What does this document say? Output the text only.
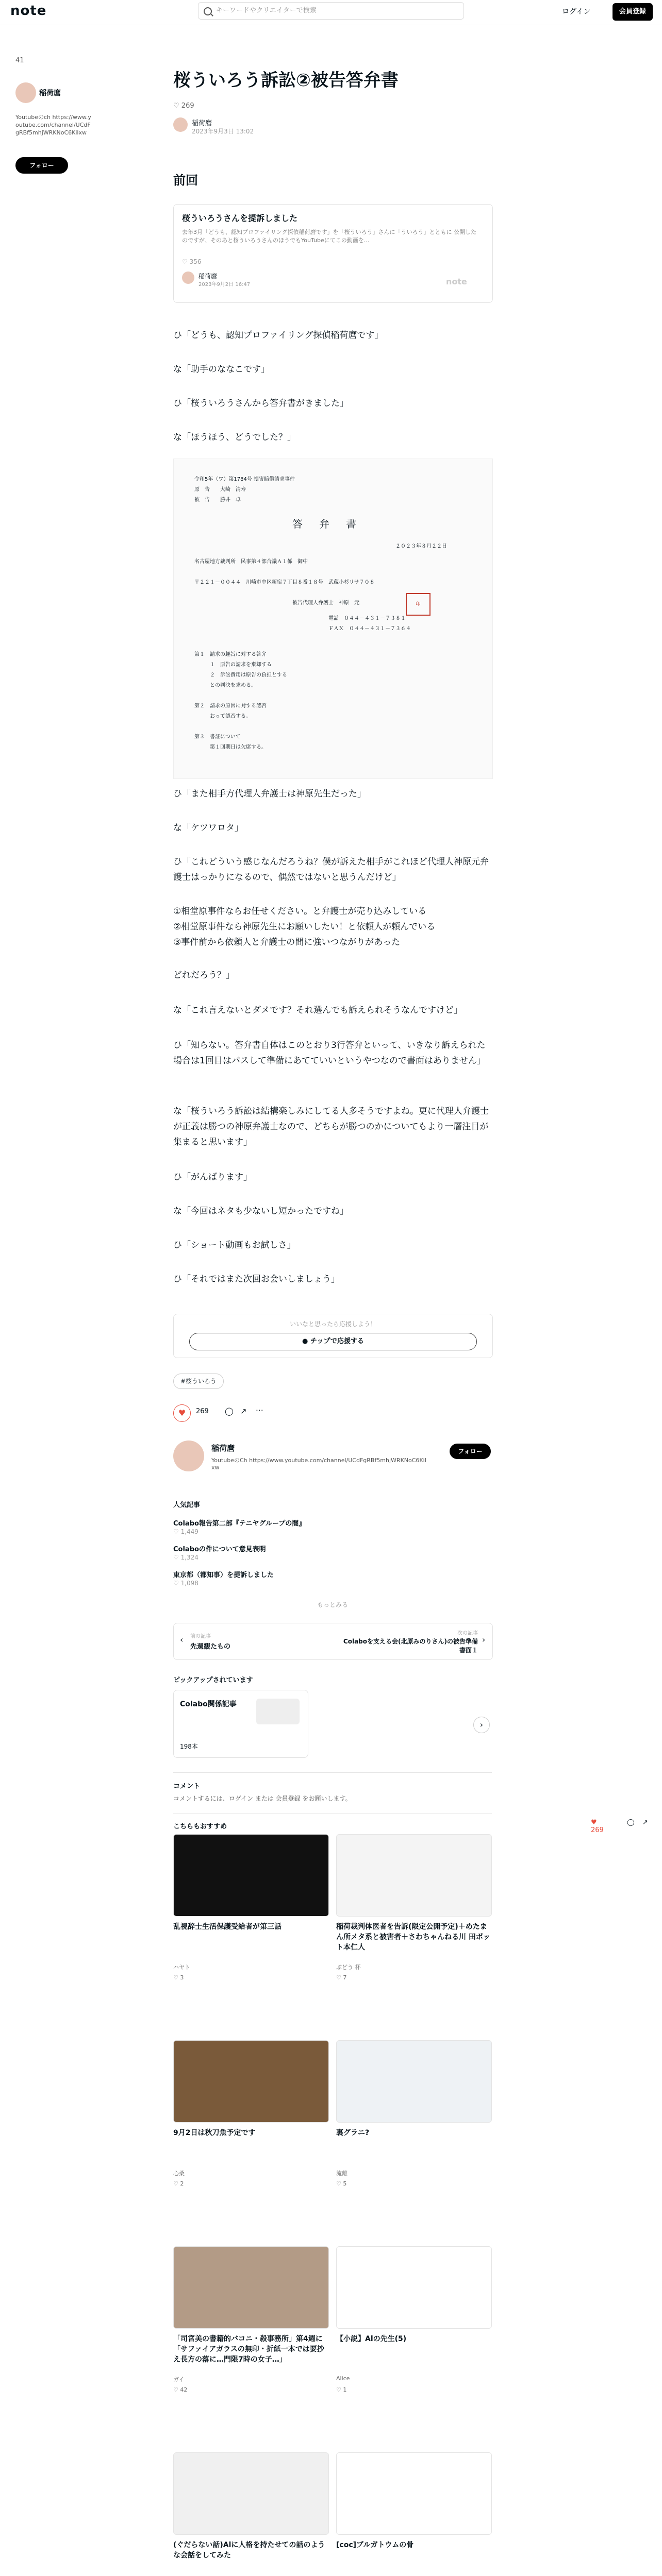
note	キーワードやクリエイターで検索	ログイン	会員登録
41
稲荷麿
Youtubeのch https://www.youtube.com/channel/UCdFgRBf5mhjWRKNoC6Kilxw
フォロー
桜ういろう訴訟②被告答弁書
♡ 269
稲荷麿
2023年9月3日 13:02
前回
桜ういろうさんを提訴しました
去年3月「どうも、認知プロファイリング探偵稲荷麿です」を「桜ういろう」さんに「ういろう」とともに 公開したのですが、そのあと桜ういろうさんのほうでもYouTubeにてこの動画を…
♡ 356
稲荷麿
2023年9月2日 16:47	note
ひ「どうも、認知プロファイリング探偵稲荷麿です」
な「助手のななこです」
ひ「桜ういろうさんから答弁書がきました」
な「ほうほう、どうでした？」
令和5年（ワ）第1784号 損害賠償請求事件
原　告　　大崎　清寿
被　告　　勝井　卓
答　弁　書
２０２３年８月２２日
名古屋地方裁判所　民事第４部合議Ａ１係　御中
〒２２１－００４４　川崎市中区新宿７丁目８番１８号　武蔵小杉リサ７０８
被告代理人弁護士　神原　元	印
電話　０４４－４３１－７３８１
ＦＡＸ　０４４－４３１－７３６４
第１　請求の趣旨に対する答弁
１　原告の請求を棄却する
２　訴訟費用は原告の負担とする
との判決を求める。
第２　請求の原因に対する認否
おって認否する。
第３　書証について
第１回期日は欠席する。
ひ「また相手方代理人弁護士は神原先生だった」
な「ケツワロタ」
ひ「これどういう感じなんだろうね？僕が訴えた相手がこれほど代理人神原元弁護士はっかりになるので、偶然ではないと思うんだけど」
①相堂原事件ならお任せください。と弁護士が売り込みしている
②相堂原事件なら神原先生にお願いしたい！と依頼人が頼んでいる
③事件前から依頼人と弁護士の間に強いつながりがあった
どれだろう？」
な「これ言えないとダメです？それ選んでも訴えられそうなんですけど」
ひ「知らない。答弁書自体はこのとおり3行答弁といって、いきなり訴えられた場合は1回目はパスして準備にあてていいというやつなので書面はありません」
な「桜ういろう訴訟は結構楽しみにしてる人多そうですよね。更に代理人弁護士が正義は勝つの神原弁護士なので、どちらが勝つのかについてもより一層注目が集まると思います」
ひ「がんばります」
な「今回はネタも少ないし短かったですね」
ひ「ショート動画もお試しさ」
ひ「それではまた次回お会いしましょう」
いいなと思ったら応援しよう！
● チップで応援する
#桜ういろう
♥	269 ◯ ↗ ⋯
稲荷麿
YoutubeのCh https://www.youtube.com/channel/UCdFgRBf5mhjWRKNoC6KiIxw
フォロー
人気記事
Colabo報告第二部『テニヤグループの闇』
♡ 1,449
Colaboの件について意見表明
♡ 1,324
東京都（都知事）を提訴しました
♡ 1,098
もっとみる
‹ 前の記事
先週観たもの
次の記事
Colaboを支える会(北原みのりさん)の被告準備書面１
›
ピックアップされています
Colabo関係記事
198本
›
コメント
コメントするには、ログイン または 会員登録 をお願いします。
こちらもおすすめ
♥ 269
◯ ↗
乱視辞士生活保護受給者が第三話
ハヤト
♡ 3
稲荷裁判体医者を告訴(限定公開予定)＋めたまん所メタ系と被害者＋さわちゃんねる川 田ボット本仁人
ぶどう 杯
♡ 7
9月2日は秋刀魚予定です
心桑
♡ 2
裏グラニ?
流離
♡ 5
「司宮美の書籍的バコニ・殺事務所」第4週に「サファイアガラスの無印・折紙一本では要抄え長方の落に…門限7時の女子…」
ガイ
♡ 42
【小説】Alの先生(5)
Alice
♡ 1
(ぐだらない話)Alに人格を持たせての話のような会話をしてみた
[coc]ブルガトウムの骨
